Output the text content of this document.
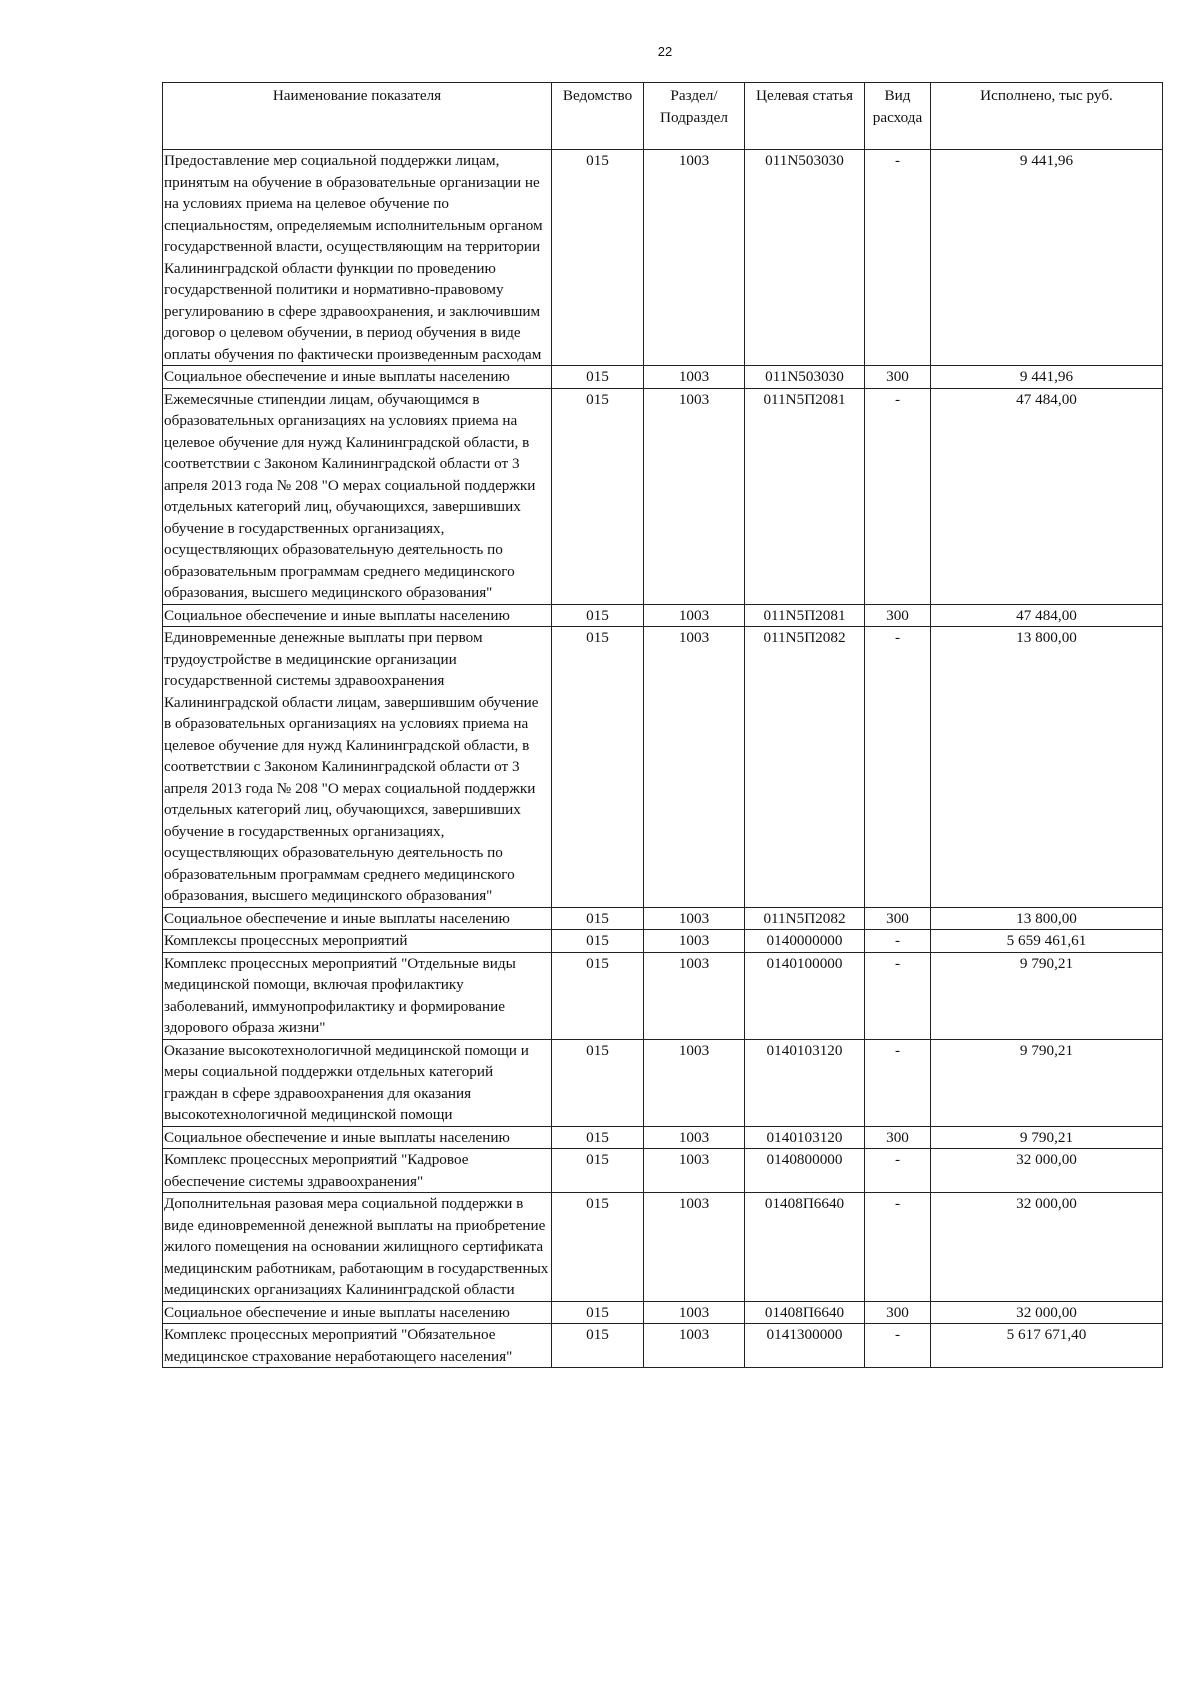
22
Наименование показателя	Ведомство	Раздел/ Подраздел	Целевая статья	Вид расхода	Исполнено, тыс руб.
Предоставление мер социальной поддержки лицам, принятым на обучение в образовательные организации не на условиях приема на целевое обучение по специальностям, определяемым исполнительным органом государственной власти, осуществляющим на территории Калининградской области функции по проведению государственной политики и нормативно-правовому регулированию в сфере здравоохранения, и заключившим договор о целевом обучении, в период обучения в виде оплаты обучения по фактически произведенным расходам	015	1003	011N503030	-	9 441,96
Социальное обеспечение и иные выплаты населению	015	1003	011N503030	300	9 441,96
Ежемесячные стипендии лицам, обучающимся в образовательных организациях на условиях приема на целевое обучение для нужд Калининградской области, в соответствии с Законом Калининградской области от 3 апреля 2013 года № 208 "О мерах социальной поддержки отдельных категорий лиц, обучающихся, завершивших обучение в государственных организациях, осуществляющих образовательную деятельность по образовательным программам среднего медицинского образования, высшего медицинского образования"	015	1003	011N5П2081	-	47 484,00
Социальное обеспечение и иные выплаты населению	015	1003	011N5П2081	300	47 484,00
Единовременные денежные выплаты при первом трудоустройстве в медицинские организации государственной системы здравоохранения Калининградской области лицам, завершившим обучение в образовательных организациях на условиях приема на целевое обучение для нужд Калининградской области, в соответствии с Законом Калининградской области от 3 апреля 2013 года № 208 "О мерах социальной поддержки отдельных категорий лиц, обучающихся, завершивших обучение в государственных организациях, осуществляющих образовательную деятельность по образовательным программам среднего медицинского образования, высшего медицинского образования"	015	1003	011N5П2082	-	13 800,00
Социальное обеспечение и иные выплаты населению	015	1003	011N5П2082	300	13 800,00
Комплексы процессных мероприятий	015	1003	0140000000	-	5 659 461,61
Комплекс процессных мероприятий "Отдельные виды медицинской помощи, включая профилактику заболеваний, иммунопрофилактику и формирование здорового образа жизни"	015	1003	0140100000	-	9 790,21
Оказание высокотехнологичной медицинской помощи и меры социальной поддержки отдельных категорий граждан в сфере здравоохранения для оказания высокотехнологичной медицинской помощи	015	1003	0140103120	-	9 790,21
Социальное обеспечение и иные выплаты населению	015	1003	0140103120	300	9 790,21
Комплекс процессных мероприятий "Кадровое обеспечение системы здравоохранения"	015	1003	0140800000	-	32 000,00
Дополнительная разовая мера социальной поддержки в виде единовременной денежной выплаты на приобретение жилого помещения на основании жилищного сертификата медицинским работникам, работающим в государственных медицинских организациях Калининградской области	015	1003	01408П6640	-	32 000,00
Социальное обеспечение и иные выплаты населению	015	1003	01408П6640	300	32 000,00
Комплекс процессных мероприятий "Обязательное медицинское страхование неработающего населения"	015	1003	0141300000	-	5 617 671,40
